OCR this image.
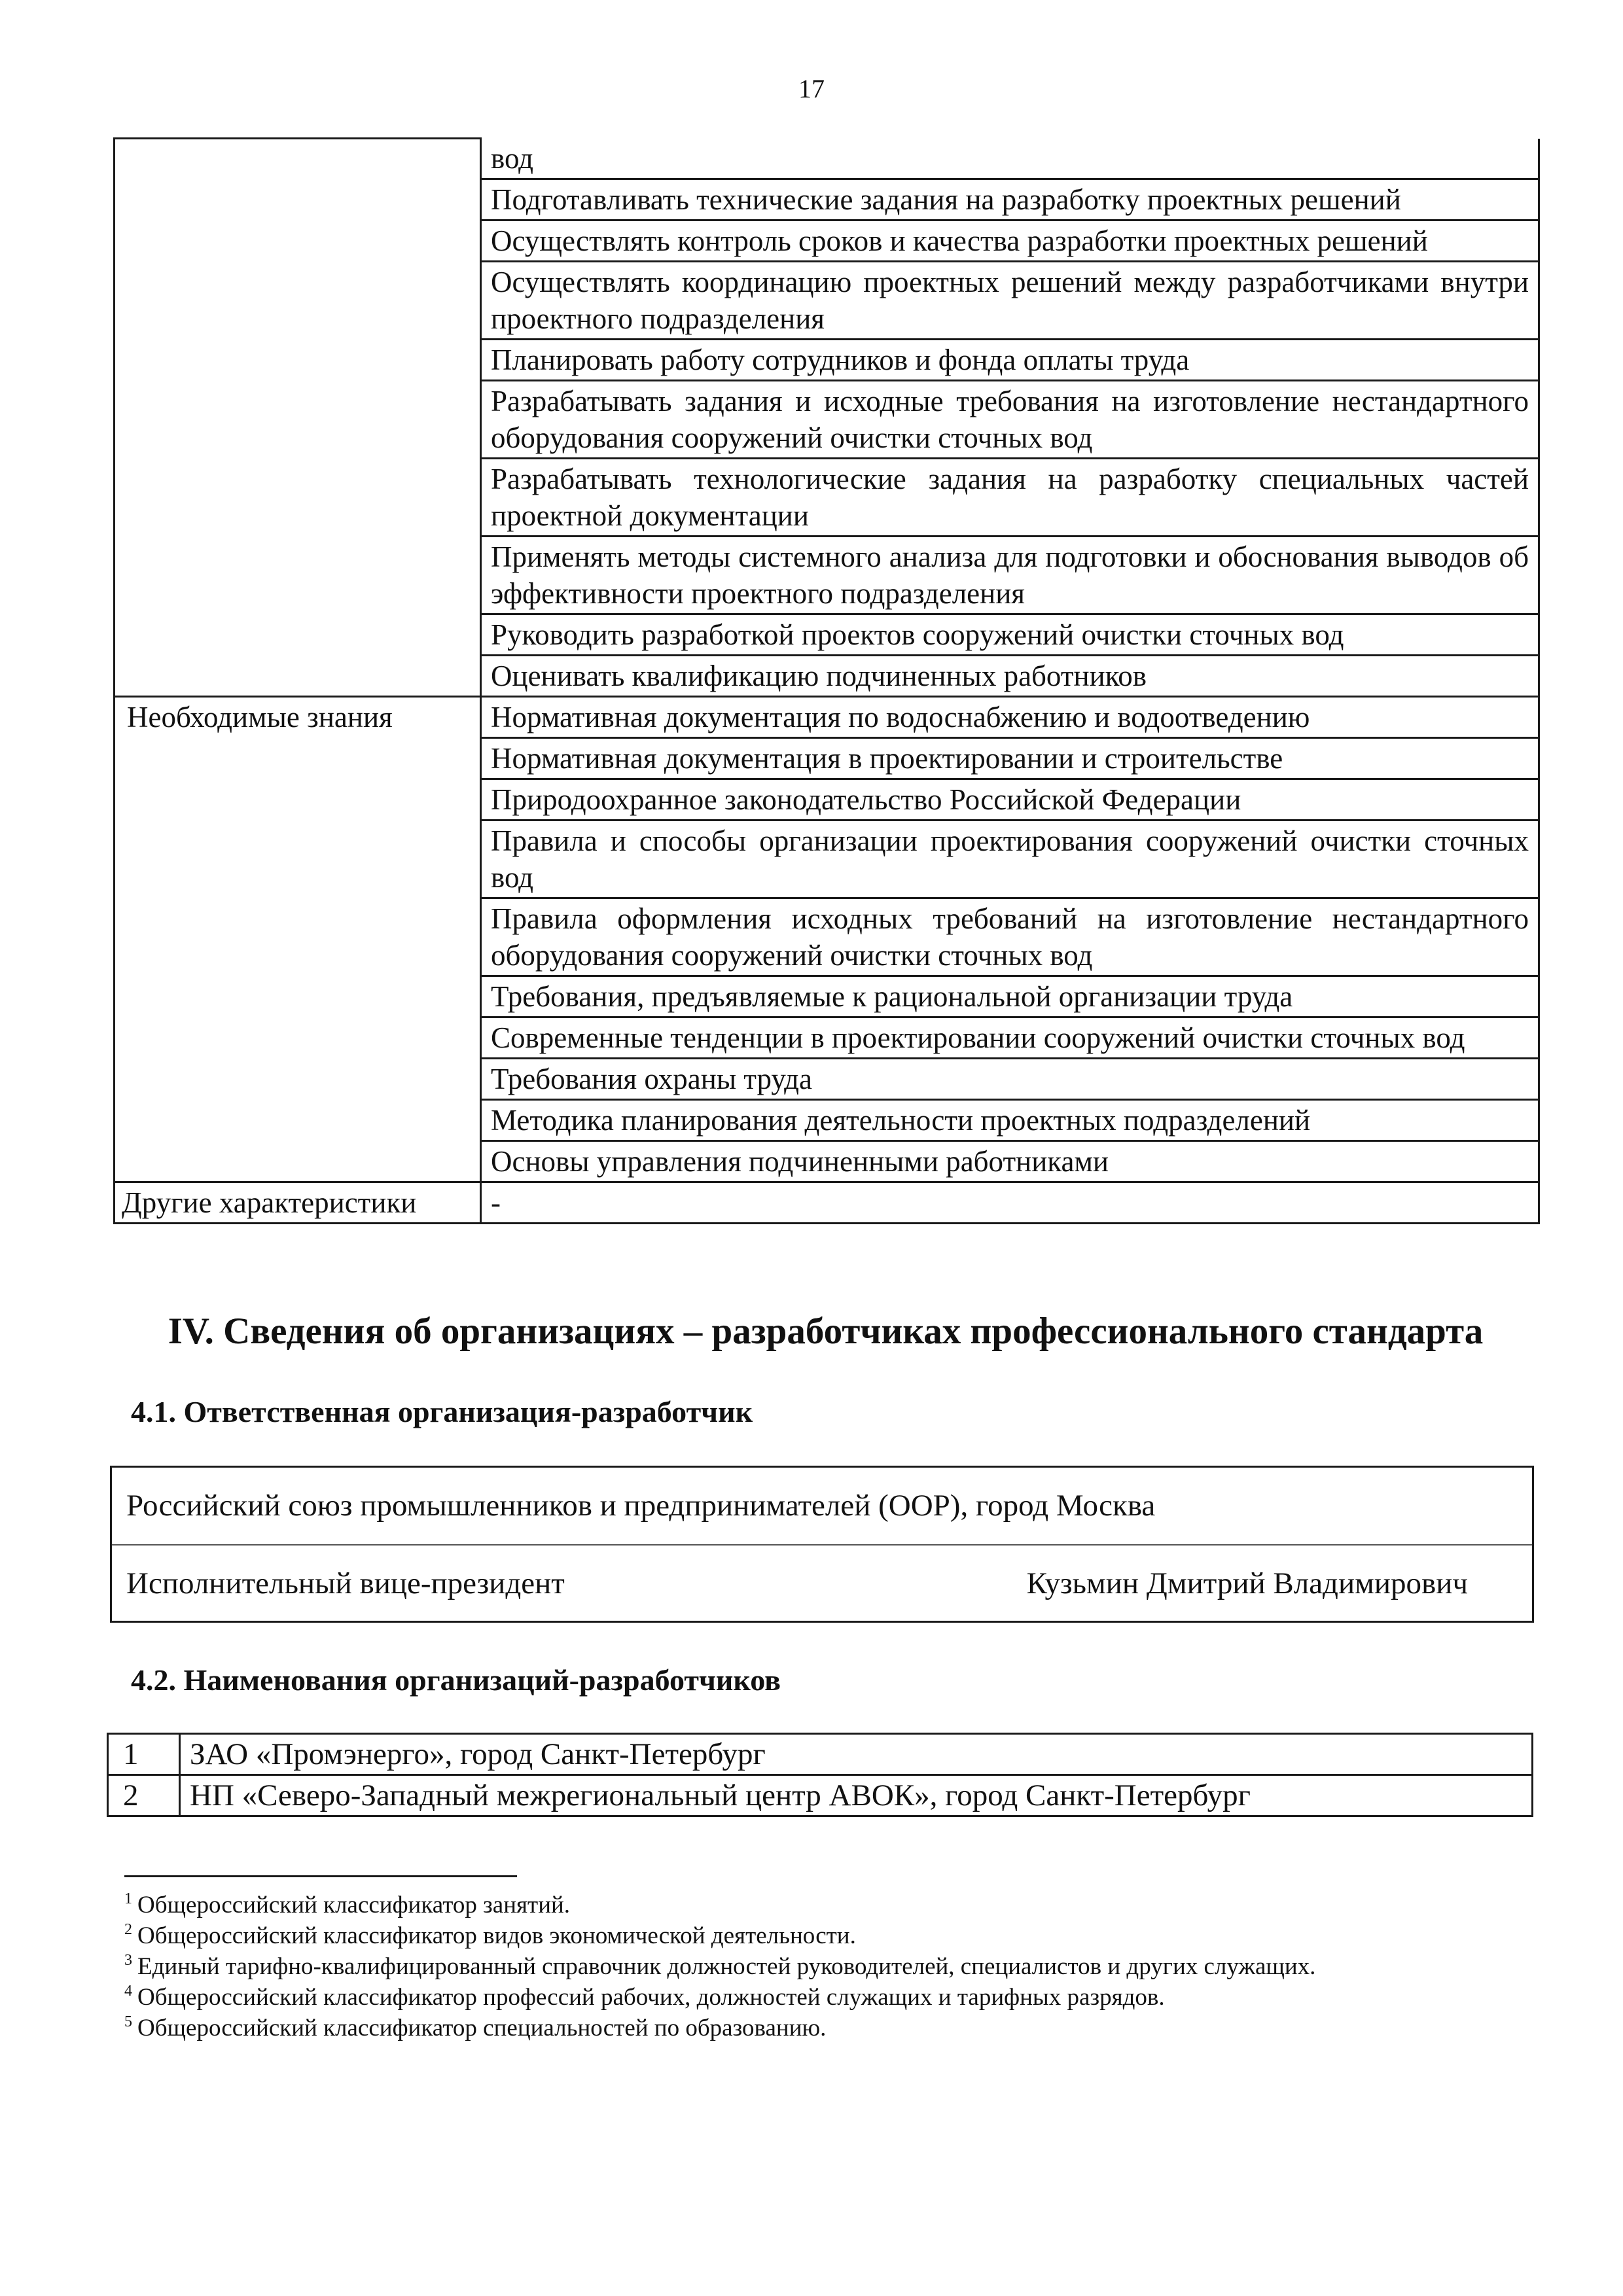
17
	вод
	Подготавливать технические задания на разработку проектных решений
	Осуществлять контроль сроков и качества разработки проектных решений
	Осуществлять координацию проектных решений между разработчиками внутри проектного подразделения
	Планировать работу сотрудников и фонда оплаты труда
	Разрабатывать задания и исходные требования на изготовление нестандартного оборудования сооружений очистки сточных вод
	Разрабатывать технологические задания на разработку специальных частей проектной документации
	Применять методы системного анализа для подготовки и обоснования выводов об эффективности проектного подразделения
	Руководить разработкой проектов сооружений очистки сточных вод
	Оценивать квалификацию подчиненных работников
Необходимые знания	Нормативная документация по водоснабжению и водоотведению
	Нормативная документация в проектировании и строительстве
	Природоохранное законодательство Российской Федерации
	Правила и способы организации проектирования сооружений очистки сточных вод
	Правила оформления исходных требований на изготовление нестандартного оборудования сооружений очистки сточных вод
	Требования, предъявляемые к рациональной организации труда
	Современные тенденции в проектировании сооружений очистки сточных вод
	Требования охраны труда
	Методика планирования деятельности проектных подразделений
	Основы управления подчиненными работниками
Другие характеристики	-
IV. Сведения об организациях – разработчиках профессионального стандарта
4.1. Ответственная организация-разработчик
Российский союз промышленников и предпринимателей (ООР), город Москва
Исполнительный вице-президент	Кузьмин Дмитрий Владимирович
4.2. Наименования организаций-разработчиков
1	ЗАО «Промэнерго», город Санкт-Петербург
2	НП «Северо-Западный межрегиональный центр АВОК», город Санкт-Петербург
$^1$ Общероссийский классификатор занятий.
$^2$ Общероссийский классификатор видов экономической деятельности.
$^3$ Единый тарифно-квалифицированный справочник должностей руководителей, специалистов и других служащих.
$^4$ Общероссийский классификатор профессий рабочих, должностей служащих и тарифных разрядов.
$^5$ Общероссийский классификатор специальностей по образованию.
